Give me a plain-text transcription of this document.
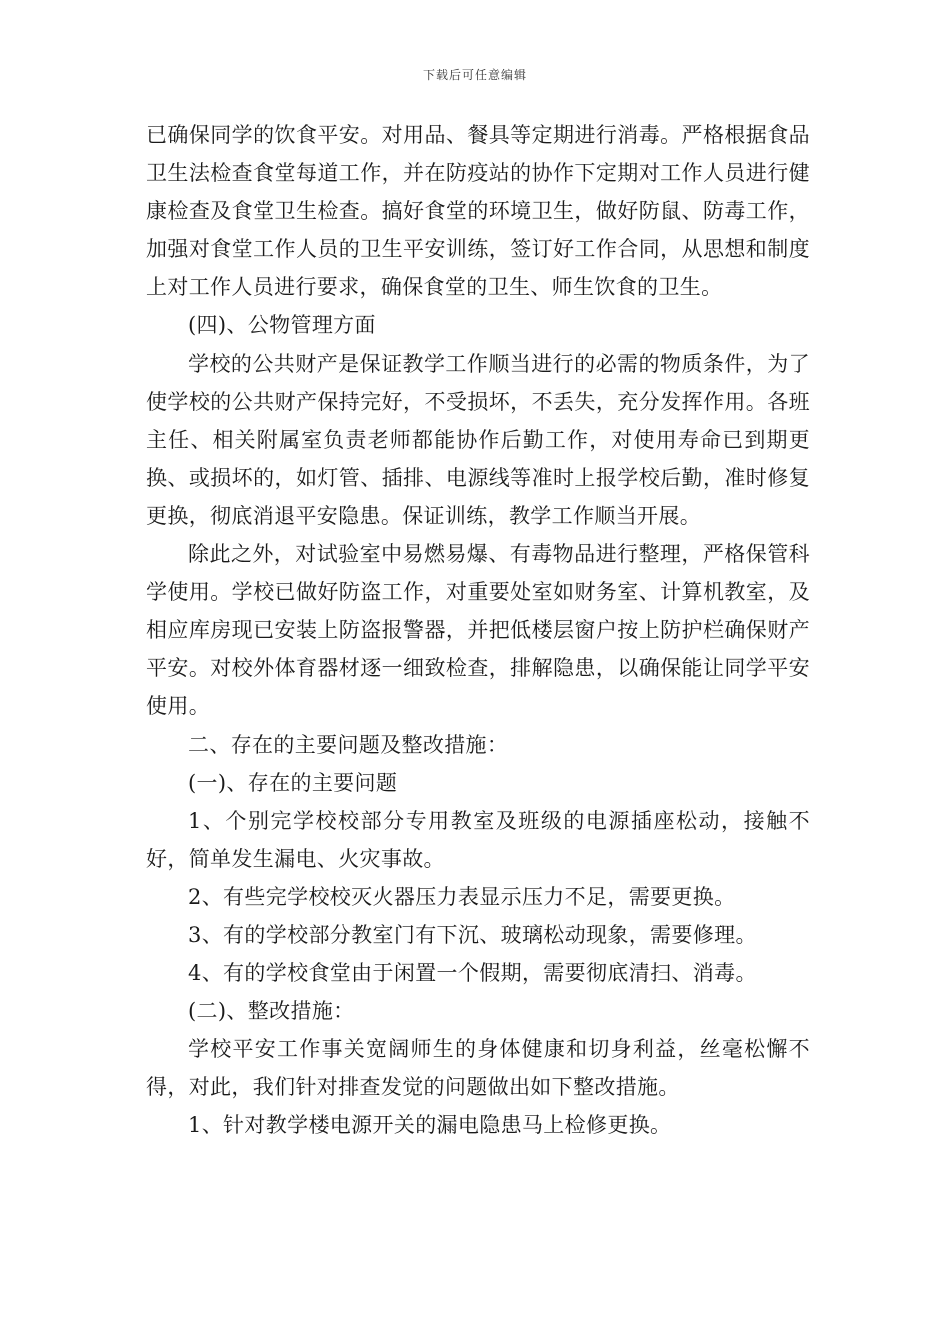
下载后可任意编辑

已确保同学的饮食平安。对用品、餐具等定期进行消毒。严格根据食品卫生法检查食堂每道工作，并在防疫站的协作下定期对工作人员进行健康检查及食堂卫生检查。搞好食堂的环境卫生，做好防鼠、防毒工作，加强对食堂工作人员的卫生平安训练，签订好工作合同，从思想和制度上对工作人员进行要求，确保食堂的卫生、师生饮食的卫生。

(四)、公物管理方面

学校的公共财产是保证教学工作顺当进行的必需的物质条件，为了使学校的公共财产保持完好，不受损坏，不丢失，充分发挥作用。各班主任、相关附属室负责老师都能协作后勤工作，对使用寿命已到期更换、或损坏的，如灯管、插排、电源线等准时上报学校后勤，准时修复更换，彻底消退平安隐患。保证训练，教学工作顺当开展。

除此之外，对试验室中易燃易爆、有毒物品进行整理，严格保管科学使用。学校已做好防盗工作，对重要处室如财务室、计算机教室，及相应库房现已安装上防盗报警器，并把低楼层窗户按上防护栏确保财产平安。对校外体育器材逐一细致检查，排解隐患，以确保能让同学平安使用。

二、存在的主要问题及整改措施：

(一)、存在的主要问题

1、个别完学校校部分专用教室及班级的电源插座松动，接触不好，简单发生漏电、火灾事故。

2、有些完学校校灭火器压力表显示压力不足，需要更换。

3、有的学校部分教室门有下沉、玻璃松动现象，需要修理。

4、有的学校食堂由于闲置一个假期，需要彻底清扫、消毒。

(二)、整改措施：

学校平安工作事关宽阔师生的身体健康和切身利益，丝毫松懈不得，对此，我们针对排查发觉的问题做出如下整改措施。

1、针对教学楼电源开关的漏电隐患马上检修更换。
